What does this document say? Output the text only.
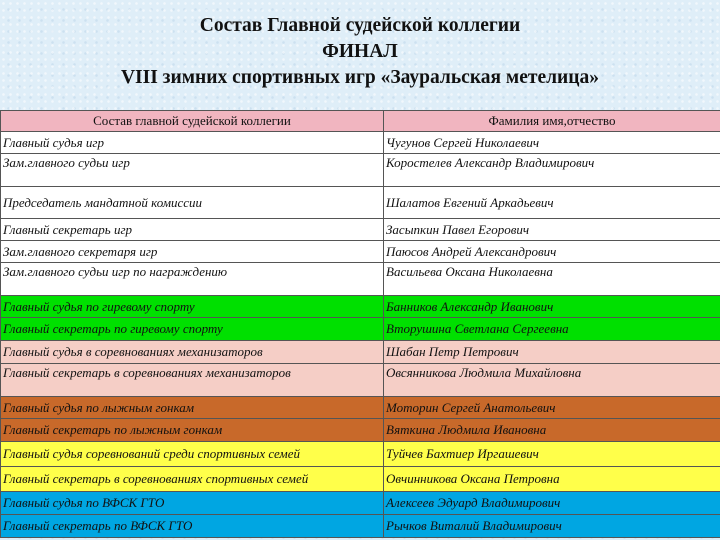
Состав Главной судейской коллегии
ФИНАЛ
VIII зимних спортивных игр «Зауральская метелица»
Состав главной судейской коллегии	Фамилия имя,отчество
Главный судья игр	Чугунов Сергей Николаевич
Зам.главного судьи игр	Коростелев Александр Владимирович
Председатель мандатной комиссии	Шалатов Евгений Аркадьевич
Главный секретарь игр	Засыпкин Павел Егорович
Зам.главного секретаря игр	Паюсов Андрей Александрович
Зам.главного судьи игр по награждению	Васильева Оксана Николаевна
Главный судья по гиревому спорту	Банников Александр Иванович
Главный секретарь по гиревому спорту	Вторушина Светлана Сергеевна
Главный судья в соревнованиях механизаторов	Шабан Петр Петрович
Главный секретарь в соревнованиях механизаторов	Овсянникова Людмила Михайловна
Главный судья по лыжным гонкам	Моторин Сергей Анатольевич
Главный секретарь по лыжным гонкам	Вяткина Людмила Ивановна
Главный судья соревнований среди спортивных семей	Туйчев Бахтиер Иргашевич
Главный секретарь в соревнованиях спортивных семей	Овчинникова Оксана Петровна
Главный судья по ВФСК ГТО	Алексеев Эдуард Владимирович
Главный секретарь по ВФСК ГТО	Рычков Виталий Владимирович
